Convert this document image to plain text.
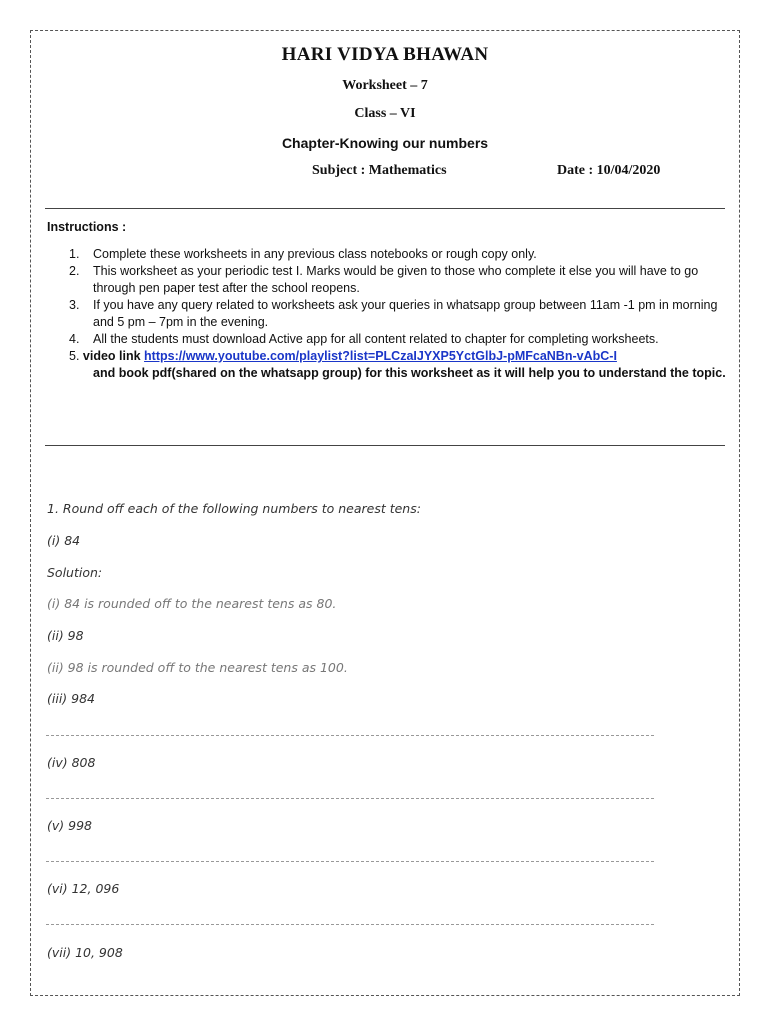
HARI VIDYA BHAWAN
Worksheet – 7
Class – VI
Chapter-Knowing our numbers
Subject : Mathematics	Date : 10/04/2020
Instructions :
1. Complete these worksheets in any previous class notebooks or rough copy only.
2. This worksheet as your periodic test I. Marks would be given to those who complete it else you will have to go through pen paper test after the school reopens.
3. If you have any query related to worksheets ask your queries in whatsapp group between 11am -1 pm in morning and 5 pm – 7pm in the evening.
4. All the students must download Active app for all content related to chapter for completing worksheets.
5. video link https://www.youtube.com/playlist?list=PLCzaIJYXP5YctGlbJ-pMFcaNBn-vAbC-I

and book pdf(shared on the whatsapp group) for this worksheet as it will help you to understand the topic.
1. Round off each of the following numbers to nearest tens:
(i) 84
Solution:
(i) 84 is rounded off to the nearest tens as 80.
(ii) 98
(ii) 98 is rounded off to the nearest tens as 100.
(iii) 984
(iv) 808
(v) 998
(vi) 12, 096
(vii) 10, 908
